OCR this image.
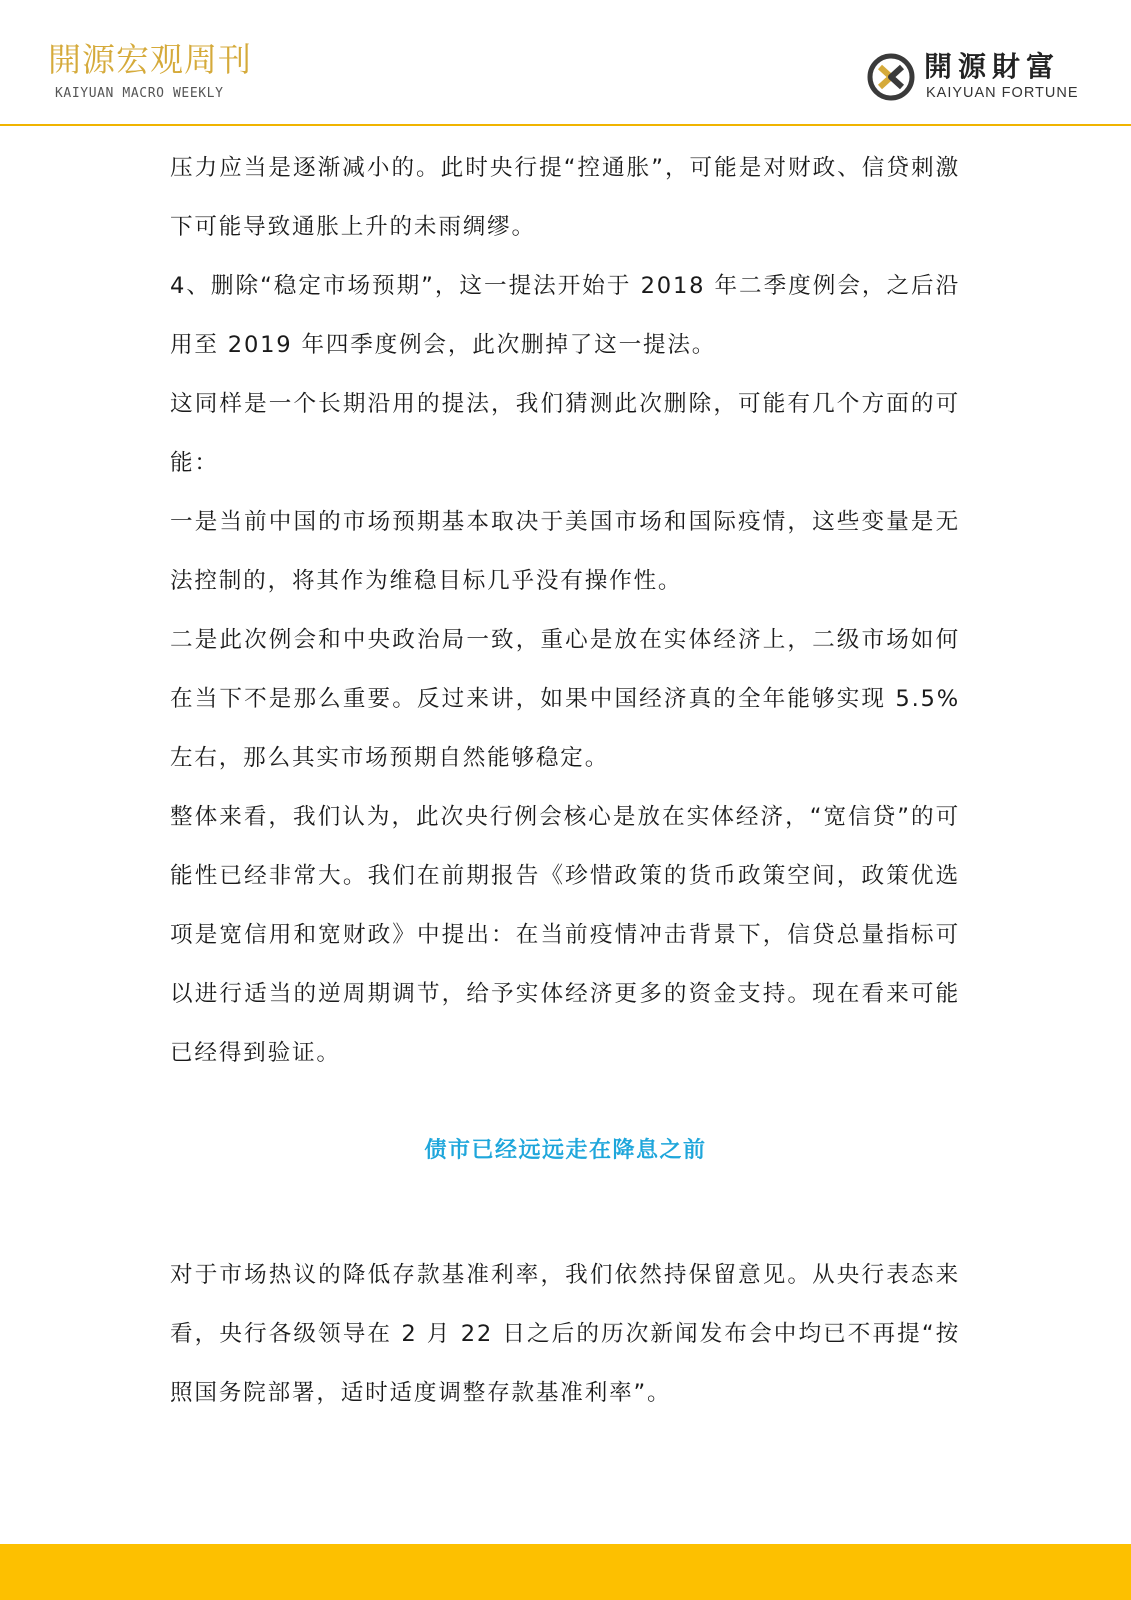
開源宏观周刊
KAIYUAN MACRO WEEKLY
開源財富
KAIYUAN FORTUNE

压力应当是逐渐减小的。此时央行提“控通胀”，可能是对财政、信贷刺激下可能导致通胀上升的未雨绸缪。

4、删除“稳定市场预期”，这一提法开始于 2018 年二季度例会，之后沿用至 2019 年四季度例会，此次删掉了这一提法。

这同样是一个长期沿用的提法，我们猜测此次删除，可能有几个方面的可能：

一是当前中国的市场预期基本取决于美国市场和国际疫情，这些变量是无法控制的，将其作为维稳目标几乎没有操作性。

二是此次例会和中央政治局一致，重心是放在实体经济上，二级市场如何在当下不是那么重要。反过来讲，如果中国经济真的全年能够实现 5.5%左右，那么其实市场预期自然能够稳定。

整体来看，我们认为，此次央行例会核心是放在实体经济，“宽信贷”的可能性已经非常大。我们在前期报告《珍惜政策的货币政策空间，政策优选项是宽信用和宽财政》中提出：在当前疫情冲击背景下，信贷总量指标可以进行适当的逆周期调节，给予实体经济更多的资金支持。现在看来可能已经得到验证。

债市已经远远走在降息之前

对于市场热议的降低存款基准利率，我们依然持保留意见。从央行表态来看，央行各级领导在 2 月 22 日之后的历次新闻发布会中均已不再提“按照国务院部署，适时适度调整存款基准利率”。
